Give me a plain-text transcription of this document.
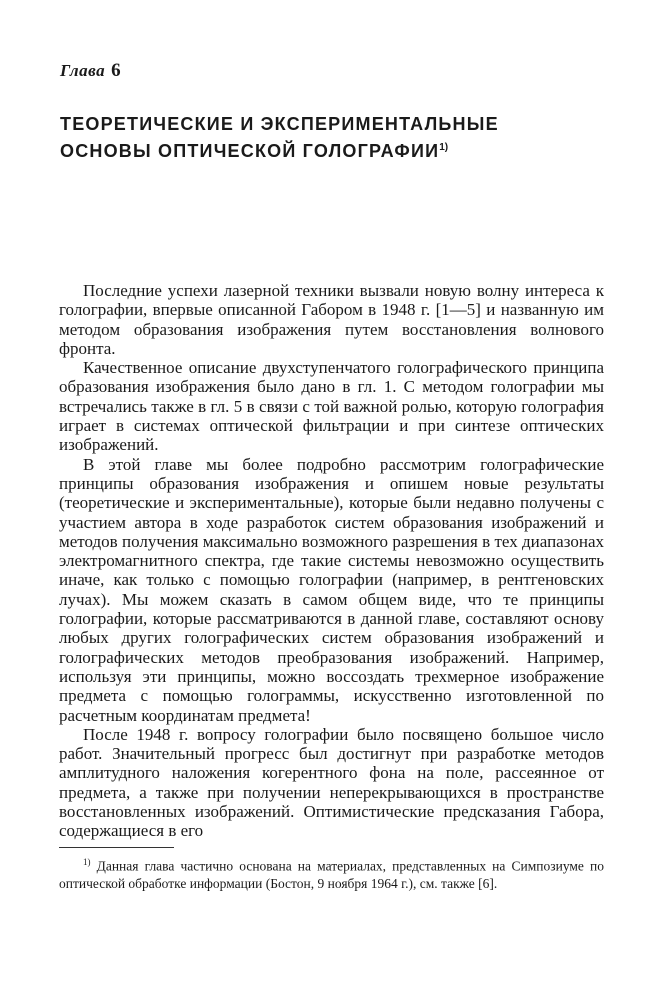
Глава 6
ТЕОРЕТИЧЕСКИЕ И ЭКСПЕРИМЕНТАЛЬНЫЕ
ОСНОВЫ ОПТИЧЕСКОЙ ГОЛОГРАФИИ$^{1)}$

Последние успехи лазерной техники вызвали новую волну интереса к голографии, впервые описанной Габором в 1948 г. [1—5] и названную им методом образования изображения путем восстановления волнового фронта.

Качественное описание двухступенчатого голографического принципа образования изображения было дано в гл. 1. С методом голографии мы встречались также в гл. 5 в связи с той важной ролью, которую голография играет в системах оптической фильтрации и при синтезе оптических изображений.

В этой главе мы более подробно рассмотрим голографические принципы образования изображения и опишем новые результаты (теоретические и экспериментальные), которые были недавно получены с участием автора в ходе разработок систем образования изображений и методов получения максимально возможного разрешения в тех диапазонах электромагнитного спектра, где такие системы невозможно осуществить иначе, как только с помощью голографии (например, в рентгеновских лучах). Мы можем сказать в самом общем виде, что те принципы голографии, которые рассматриваются в данной главе, составляют основу любых других голографических систем образования изображений и голографических методов преобразования изображений. Например, используя эти принципы, можно воссоздать трехмерное изображение предмета с помощью голограммы, искусственно изготовленной по расчетным координатам предмета!

После 1948 г. вопросу голографии было посвящено большое число работ. Значительный прогресс был достигнут при разработке методов амплитудного наложения когерентного фона на поле, рассеянное от предмета, а также при получении неперекрывающихся в пространстве восстановленных изображений. Оптимистические предсказания Габора, содержащиеся в его

$^{1)}$ Данная глава частично основана на материалах, представленных на Симпозиуме по оптической обработке информации (Бостон, 9 ноября 1964 г.), см. также [6].
